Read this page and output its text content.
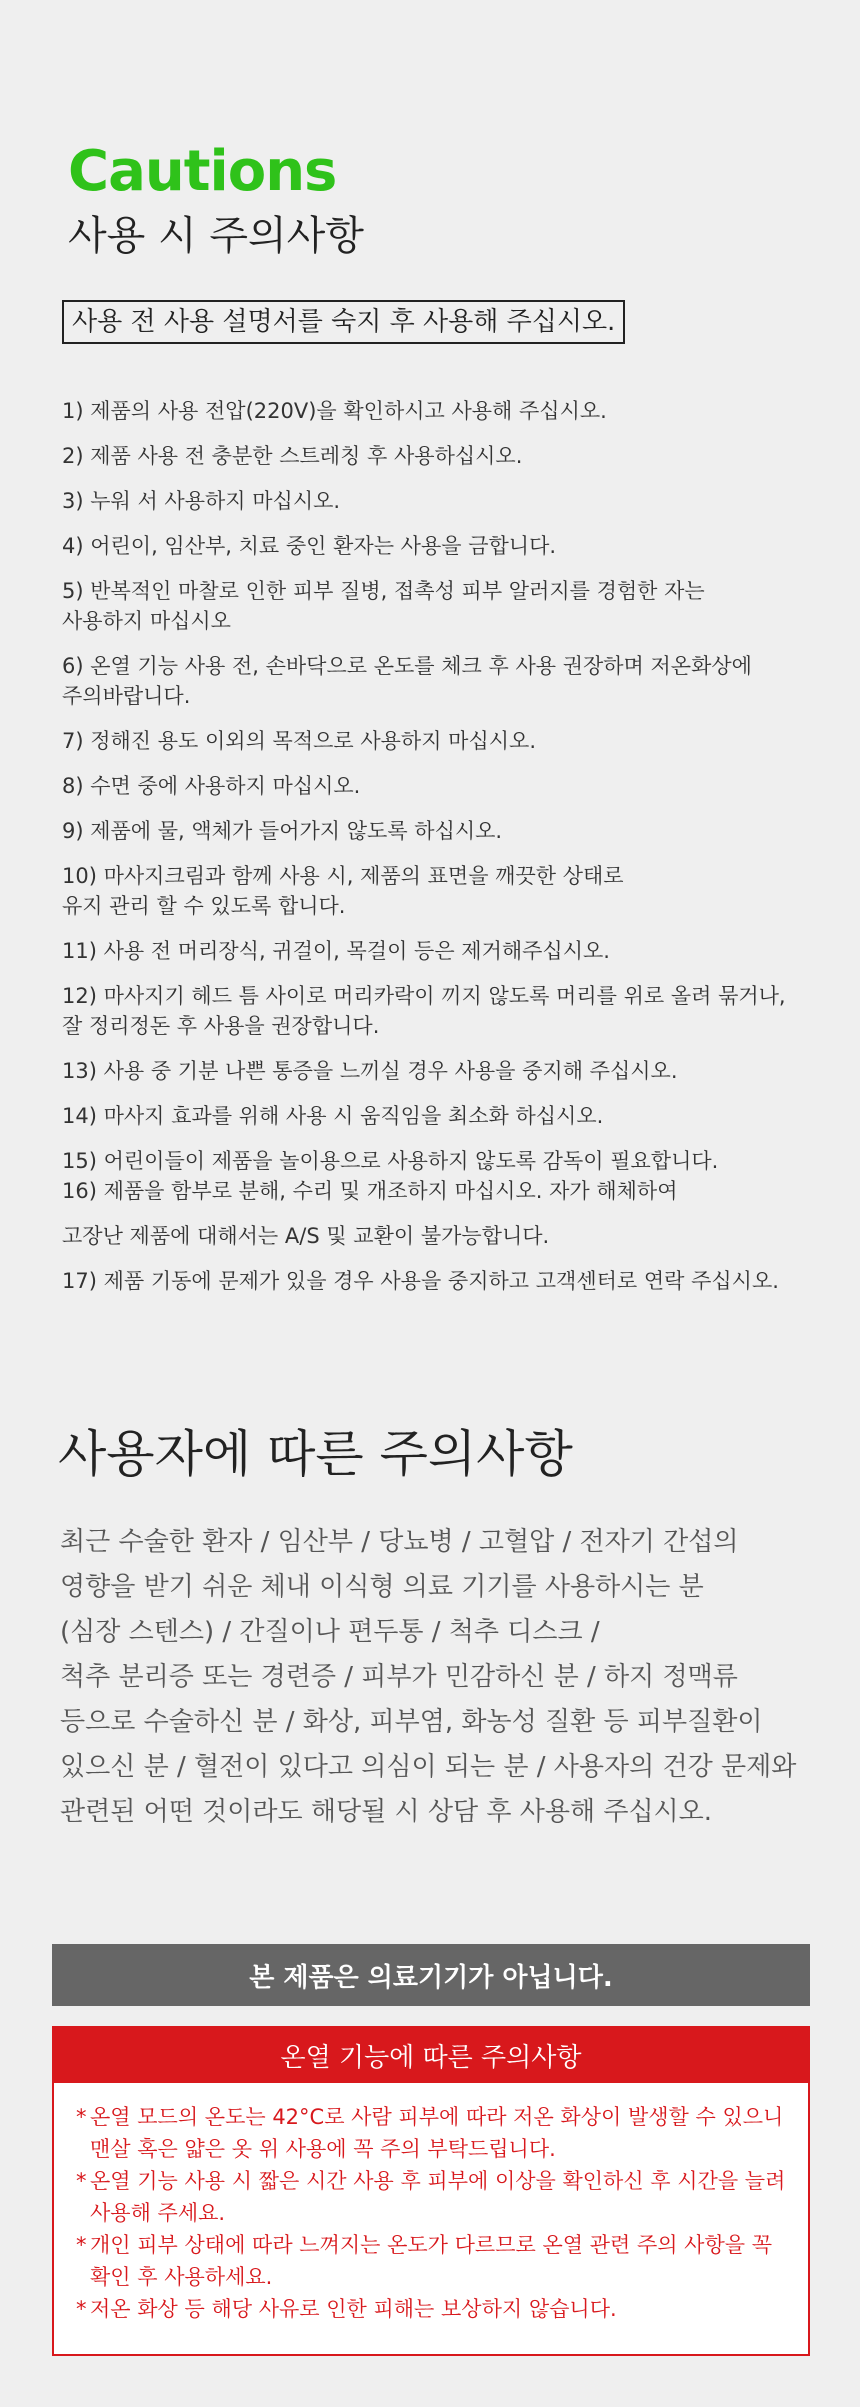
Cautions
사용 시 주의사항
사용 전 사용 설명서를 숙지 후 사용해 주십시오.
1) 제품의 사용 전압(220V)을 확인하시고 사용해 주십시오.
2) 제품 사용 전 충분한 스트레칭 후 사용하십시오.
3) 누워 서 사용하지 마십시오.
4) 어린이, 임산부, 치료 중인 환자는 사용을 금합니다.
5) 반복적인 마찰로 인한 피부 질병, 접촉성 피부 알러지를 경험한 자는
사용하지 마십시오
6) 온열 기능 사용 전, 손바닥으로 온도를 체크 후 사용 권장하며 저온화상에
주의바랍니다.
7) 정해진 용도 이외의 목적으로 사용하지 마십시오.
8) 수면 중에 사용하지 마십시오.
9) 제품에 물, 액체가 들어가지 않도록 하십시오.
10) 마사지크림과 함께 사용 시, 제품의 표면을 깨끗한 상태로
유지 관리 할 수 있도록 합니다.
11) 사용 전 머리장식, 귀걸이, 목걸이 등은 제거해주십시오.
12) 마사지기 헤드 틈 사이로 머리카락이 끼지 않도록 머리를 위로 올려 묶거나,
잘 정리정돈 후 사용을 권장합니다.
13) 사용 중 기분 나쁜 통증을 느끼실 경우 사용을 중지해 주십시오.
14) 마사지 효과를 위해 사용 시 움직임을 최소화 하십시오.
15) 어린이들이 제품을 놀이용으로 사용하지 않도록 감독이 필요합니다.
16) 제품을 함부로 분해, 수리 및 개조하지 마십시오. 자가 해체하여
고장난 제품에 대해서는 A/S 및 교환이 불가능합니다.
17) 제품 기동에 문제가 있을 경우 사용을 중지하고 고객센터로 연락 주십시오.
사용자에 따른 주의사항
최근 수술한 환자 / 임산부 / 당뇨병 / 고혈압 / 전자기 간섭의
영향을 받기 쉬운 체내 이식형 의료 기기를 사용하시는 분
(심장 스텐스) / 간질이나 편두통 / 척추 디스크 /
척추 분리증 또는 경련증 / 피부가 민감하신 분 / 하지 정맥류
등으로 수술하신 분 / 화상, 피부염, 화농성 질환 등 피부질환이
있으신 분 / 혈전이 있다고 의심이 되는 분 / 사용자의 건강 문제와
관련된 어떤 것이라도 해당될 시 상담 후 사용해 주십시오.
본 제품은 의료기기가 아닙니다.
온열 기능에 따른 주의사항
* 온열 모드의 온도는 42°C로 사람 피부에 따라 저온 화상이 발생할 수 있으니
맨살 혹은 얇은 옷 위 사용에 꼭 주의 부탁드립니다.
* 온열 기능 사용 시 짧은 시간 사용 후 피부에 이상을 확인하신 후 시간을 늘려
사용해 주세요.
* 개인 피부 상태에 따라 느껴지는 온도가 다르므로 온열 관련 주의 사항을 꼭
확인 후 사용하세요.
* 저온 화상 등 해당 사유로 인한 피해는 보상하지 않습니다.
